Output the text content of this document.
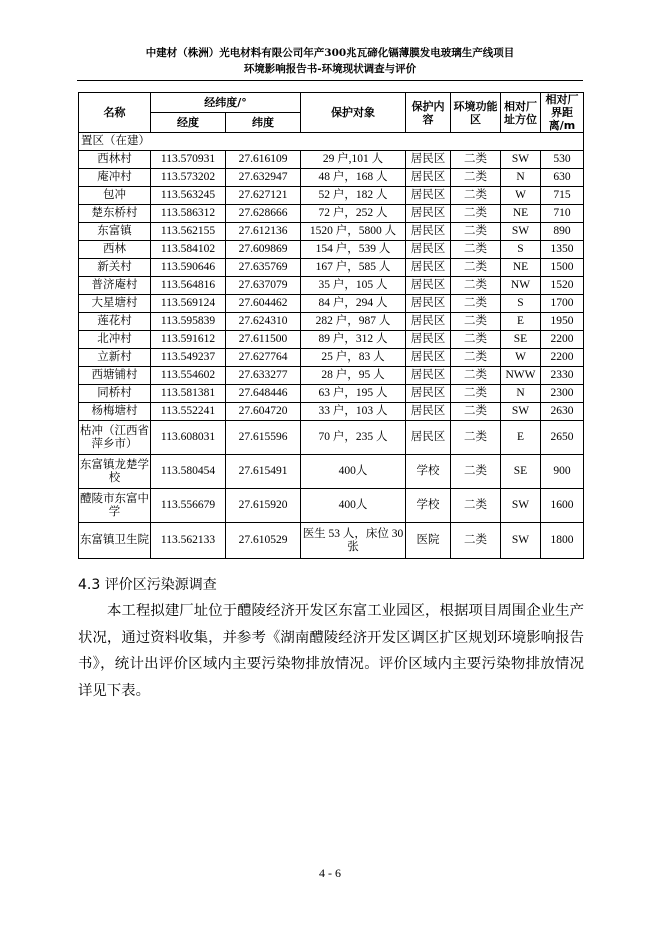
中建材（株洲）光电材料有限公司年产300兆瓦碲化镉薄膜发电玻璃生产线项目
环境影响报告书-环境现状调查与评价
名称	经纬度/°		保护对象	保护内容	环境功能区	相对厂址方位	相对厂界距离/m
	经度	纬度					
置区（在建）							
西林村	113.570931	27.616109	29 户,101 人	居民区	二类	SW	530
庵冲村	113.573202	27.632947	48 户，168 人	居民区	二类	N	630
包冲	113.563245	27.627121	52 户，182 人	居民区	二类	W	715
楚东桥村	113.586312	27.628666	72 户，252 人	居民区	二类	NE	710
东富镇	113.562155	27.612136	1520 户，5800 人	居民区	二类	SW	890
西林	113.584102	27.609869	154 户，539 人	居民区	二类	S	1350
新关村	113.590646	27.635769	167 户，585 人	居民区	二类	NE	1500
普济庵村	113.564816	27.637079	35 户，105 人	居民区	二类	NW	1520
大星塘村	113.569124	27.604462	84 户，294 人	居民区	二类	S	1700
莲花村	113.595839	27.624310	282 户，987 人	居民区	二类	E	1950
北冲村	113.591612	27.611500	89 户，312 人	居民区	二类	SE	2200
立新村	113.549237	27.627764	25 户，83 人	居民区	二类	W	2200
西塘铺村	113.554602	27.633277	28 户，95 人	居民区	二类	NWW	2330
同桥村	113.581381	27.648446	63 户，195 人	居民区	二类	N	2300
杨梅塘村	113.552241	27.604720	33 户，103 人	居民区	二类	SW	2630
枯冲（江西省萍乡市）	113.608031	27.615596	70 户，235 人	居民区	二类	E	2650
东富镇龙楚学校	113.580454	27.615491	400人	学校	二类	SE	900
醴陵市东富中学	113.556679	27.615920	400人	学校	二类	SW	1600
东富镇卫生院	113.562133	27.610529	医生 53 人，床位 30 张	医院	二类	SW	1800
4.3 评价区污染源调查
本工程拟建厂址位于醴陵经济开发区东富工业园区，根据项目周围企业生产状况，通过资料收集，并参考《湖南醴陵经济开发区调区扩区规划环境影响报告书》，统计出评价区域内主要污染物排放情况。评价区域内主要污染物排放情况详见下表。
4 - 6
